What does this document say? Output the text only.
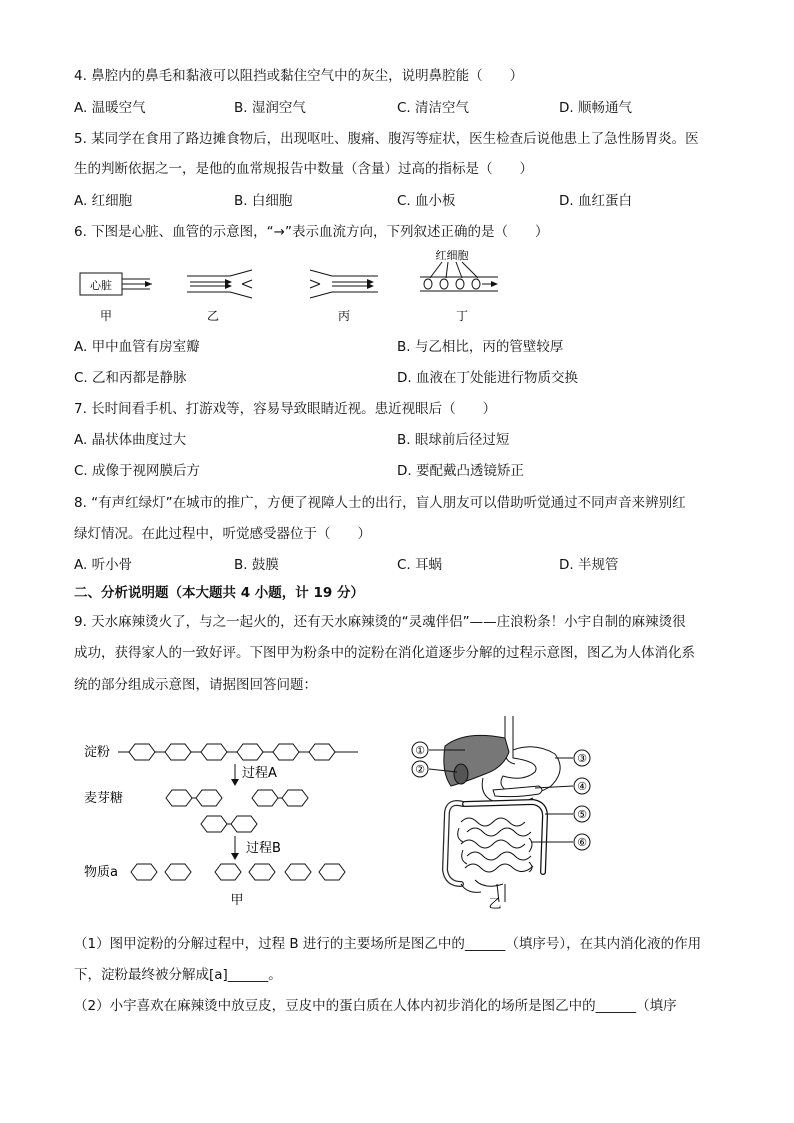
4. 鼻腔内的鼻毛和黏液可以阻挡或黏住空气中的灰尘，说明鼻腔能（　　）
A. 温暖空气	B. 湿润空气	C. 清洁空气	D. 顺畅通气
5. 某同学在食用了路边摊食物后，出现呕吐、腹痛、腹泻等症状，医生检查后说他患上了急性肠胃炎。医
生的判断依据之一，是他的血常规报告中数量（含量）过高的指标是（　　）
A. 红细胞	B. 白细胞	C. 血小板	D. 血红蛋白
6. 下图是心脏、血管的示意图，“→”表示血流方向，下列叙述正确的是（　　）
心脏
红细胞
甲	乙	丙	丁
A. 甲中血管有房室瓣	B. 与乙相比，丙的管壁较厚
C. 乙和丙都是静脉	D. 血液在丁处能进行物质交换
7. 长时间看手机、打游戏等，容易导致眼睛近视。患近视眼后（　　）
A. 晶状体曲度过大	B. 眼球前后径过短
C. 成像于视网膜后方	D. 要配戴凸透镜矫正
8. “有声红绿灯”在城市的推广，方便了视障人士的出行，盲人朋友可以借助听觉通过不同声音来辨别红
绿灯情况。在此过程中，听觉感受器位于（　　）
A. 听小骨	B. 鼓膜	C. 耳蜗	D. 半规管
二、分析说明题（本大题共 4 小题，计 19 分）
9. 天水麻辣烫火了，与之一起火的，还有天水麻辣烫的“灵魂伴侣”——庄浪粉条！小宇自制的麻辣烫很
成功，获得家人的一致好评。下图甲为粉条中的淀粉在消化道逐步分解的过程示意图，图乙为人体消化系
统的部分组成示意图，请据图回答问题：
淀粉
过程A
麦芽糖
过程B
物质a
甲
①
②
③
④
⑤
⑥
乙
（1）图甲淀粉的分解过程中，过程 B 进行的主要场所是图乙中的______（填序号），在其内消化液的作用
下，淀粉最终被分解成[a]______。
（2）小宇喜欢在麻辣烫中放豆皮，豆皮中的蛋白质在人体内初步消化的场所是图乙中的______（填序
